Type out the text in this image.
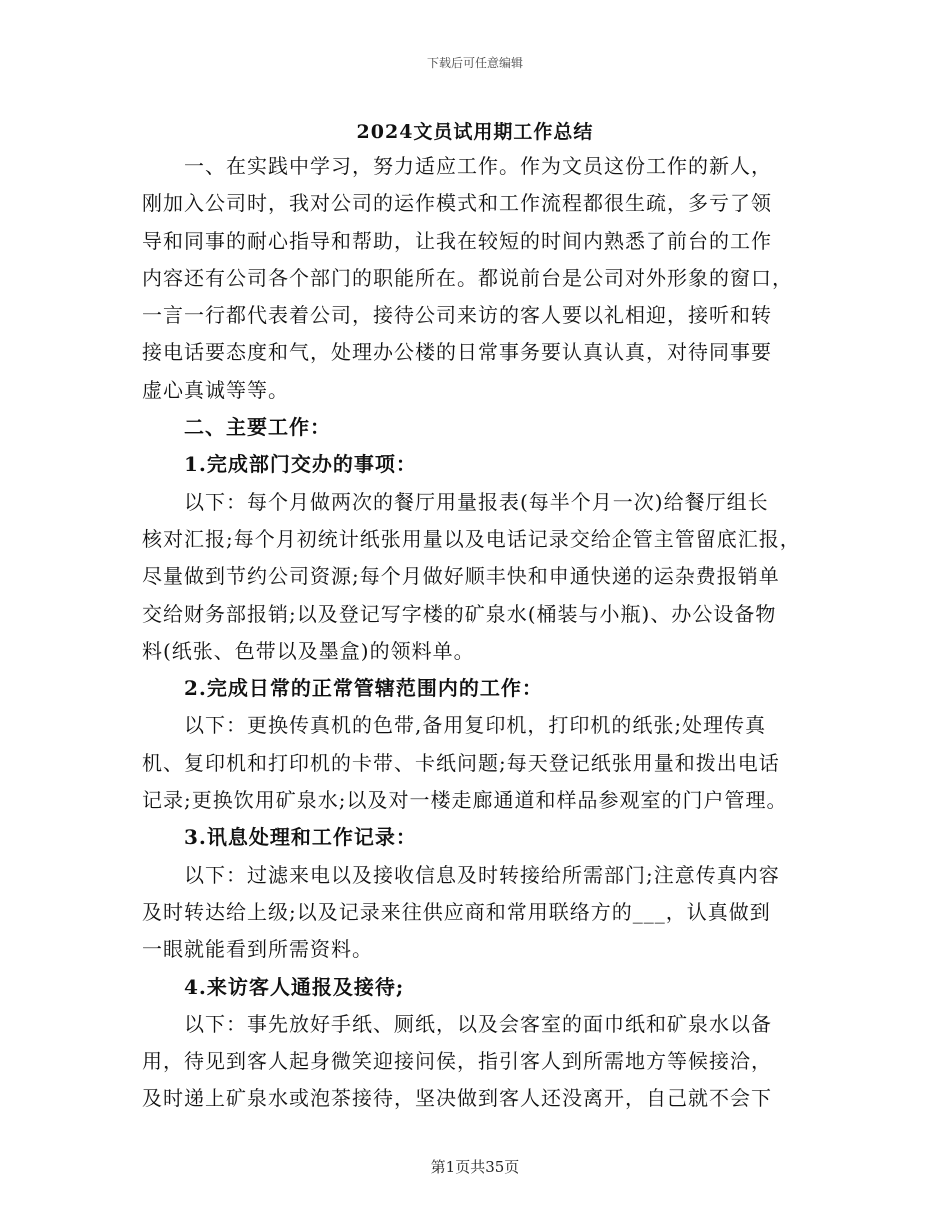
下载后可任意编辑
2024文员试用期工作总结
　　一、在实践中学习，努力适应工作。作为文员这份工作的新人，
刚加入公司时，我对公司的运作模式和工作流程都很生疏，多亏了领
导和同事的耐心指导和帮助，让我在较短的时间内熟悉了前台的工作
内容还有公司各个部门的职能所在。都说前台是公司对外形象的窗口，
一言一行都代表着公司，接待公司来访的客人要以礼相迎，接听和转
接电话要态度和气，处理办公楼的日常事务要认真认真，对待同事要
虚心真诚等等。
　　二、主要工作：
　　1.完成部门交办的事项：
　　以下：每个月做两次的餐厅用量报表(每半个月一次)给餐厅组长
核对汇报;每个月初统计纸张用量以及电话记录交给企管主管留底汇报，
尽量做到节约公司资源;每个月做好顺丰快和申通快递的运杂费报销单
交给财务部报销;以及登记写字楼的矿泉水(桶装与小瓶)、办公设备物
料(纸张、色带以及墨盒)的领料单。
　　2.完成日常的正常管辖范围内的工作：
　　以下：更换传真机的色带,备用复印机，打印机的纸张;处理传真
机、复印机和打印机的卡带、卡纸问题;每天登记纸张用量和拨出电话
记录;更换饮用矿泉水;以及对一楼走廊通道和样品参观室的门户管理。
　　3.讯息处理和工作记录：
　　以下：过滤来电以及接收信息及时转接给所需部门;注意传真内容
及时转达给上级;以及记录来往供应商和常用联络方的___，认真做到
一眼就能看到所需资料。
　　4.来访客人通报及接待;
　　以下：事先放好手纸、厕纸，以及会客室的面巾纸和矿泉水以备
用，待见到客人起身微笑迎接问侯，指引客人到所需地方等候接洽，
及时递上矿泉水或泡茶接待，坚决做到客人还没离开，自己就不会下
第1页共35页
